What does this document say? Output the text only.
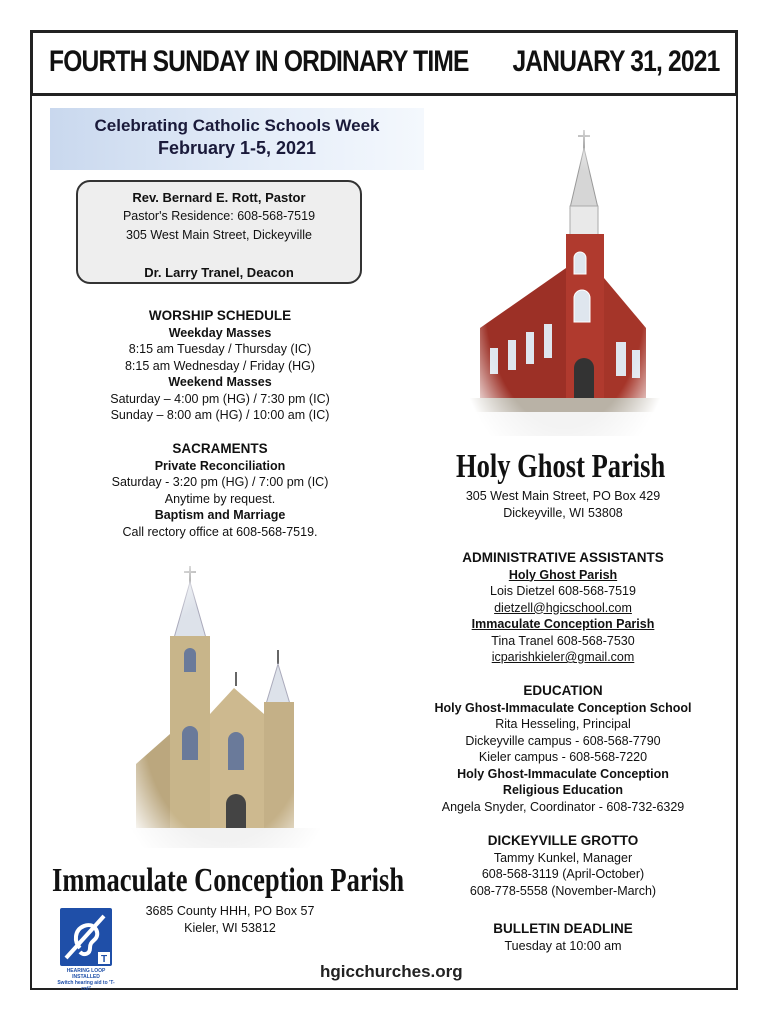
FOURTH SUNDAY IN ORDINARY TIME JANUARY 31, 2021
Celebrating Catholic Schools Week
February 1-5, 2021
Rev. Bernard E. Rott, Pastor
Pastor's Residence: 608-568-7519
305 West Main Street, Dickeyville
Dr. Larry Tranel, Deacon
WORSHIP SCHEDULE
Weekday Masses
8:15 am Tuesday / Thursday (IC)
8:15 am Wednesday / Friday (HG)
Weekend Masses
Saturday – 4:00 pm (HG) / 7:30 pm (IC)
Sunday – 8:00 am (HG) / 10:00 am (IC)
SACRAMENTS
Private Reconciliation
Saturday - 3:20 pm (HG) / 7:00 pm (IC)
Anytime by request.
Baptism and Marriage
Call rectory office at 608-568-7519.
Holy Ghost Parish
305 West Main Street, PO Box 429
Dickeyville, WI 53808
ADMINISTRATIVE ASSISTANTS
Holy Ghost Parish
Lois Dietzel 608-568-7519
dietzell@hgicschool.com
Immaculate Conception Parish
Tina Tranel 608-568-7530
icparishkieler@gmail.com
EDUCATION
Holy Ghost-Immaculate Conception School
Rita Hesseling, Principal
Dickeyville campus - 608-568-7790
Kieler campus - 608-568-7220
Holy Ghost-Immaculate Conception
Religious Education
Angela Snyder, Coordinator - 608-732-6329
DICKEYVILLE GROTTO
Tammy Kunkel, Manager
608-568-3119 (April-October)
608-778-5558 (November-March)
BULLETIN DEADLINE
Tuesday at 10:00 am
Immaculate Conception Parish
3685 County HHH, PO Box 57
Kieler, WI 53812
T
HEARING LOOP INSTALLED
Switch hearing aid to 'T-coil'
hgicchurches.org
